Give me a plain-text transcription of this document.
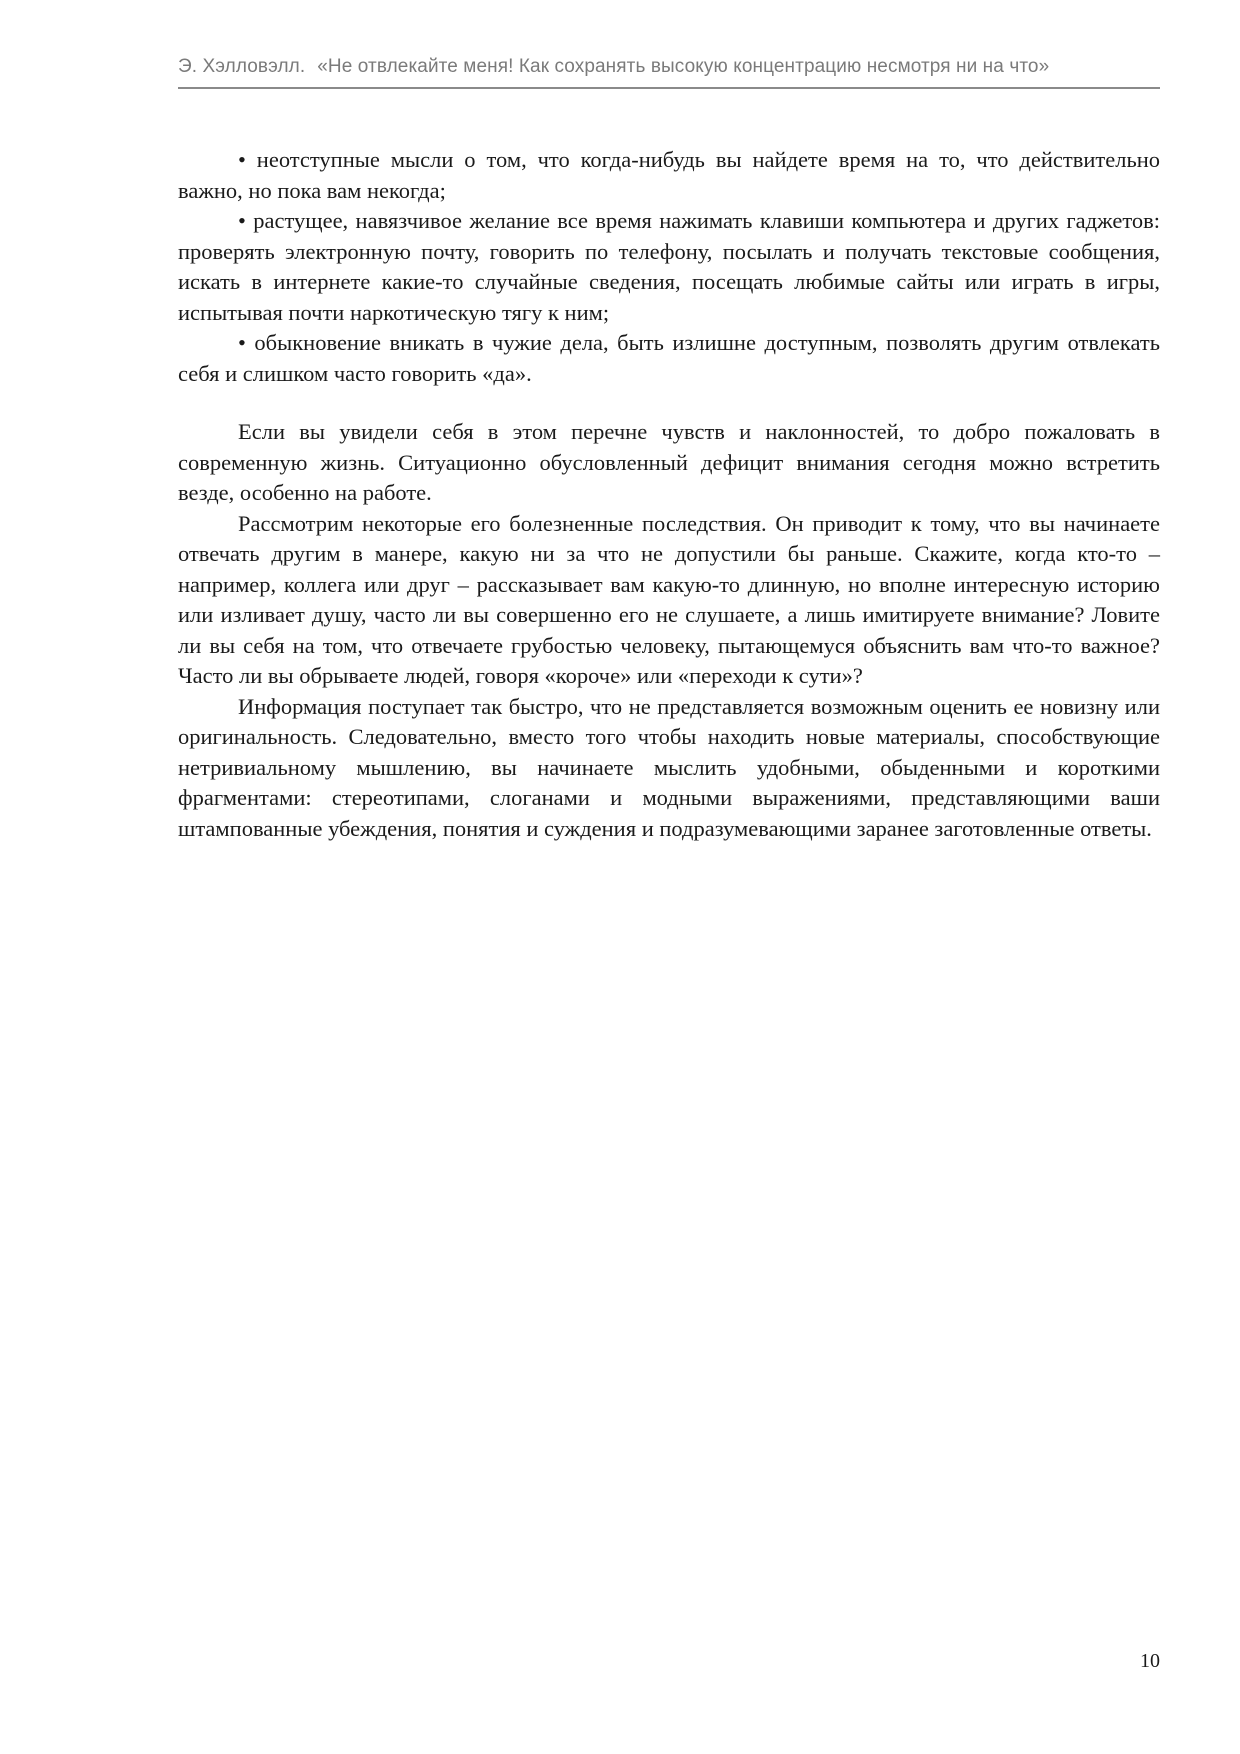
Э. Хэлловэлл. «Не отвлекайте меня! Как сохранять высокую концентрацию несмотря ни на что»

• неотступные мысли о том, что когда-нибудь вы найдете время на то, что действительно важно, но пока вам некогда;

• растущее, навязчивое желание все время нажимать клавиши компьютера и других гаджетов: проверять электронную почту, говорить по телефону, посылать и получать текстовые сообщения, искать в интернете какие-то случайные сведения, посещать любимые сайты или играть в игры, испытывая почти наркотическую тягу к ним;

• обыкновение вникать в чужие дела, быть излишне доступным, позволять другим отвлекать себя и слишком часто говорить «да».

Если вы увидели себя в этом перечне чувств и наклонностей, то добро пожаловать в современную жизнь. Ситуационно обусловленный дефицит внимания сегодня можно встретить везде, особенно на работе.

Рассмотрим некоторые его болезненные последствия. Он приводит к тому, что вы начинаете отвечать другим в манере, какую ни за что не допустили бы раньше. Скажите, когда кто-то – например, коллега или друг – рассказывает вам какую-то длинную, но вполне интересную историю или изливает душу, часто ли вы совершенно его не слушаете, а лишь имитируете внимание? Ловите ли вы себя на том, что отвечаете грубостью человеку, пытающемуся объяснить вам что-то важное? Часто ли вы обрываете людей, говоря «короче» или «переходи к сути»?

Информация поступает так быстро, что не представляется возможным оценить ее новизну или оригинальность. Следовательно, вместо того чтобы находить новые материалы, способствующие нетривиальному мышлению, вы начинаете мыслить удобными, обыденными и короткими фрагментами: стереотипами, слоганами и модными выражениями, представляющими ваши штампованные убеждения, понятия и суждения и подразумевающими заранее заготовленные ответы.

10
